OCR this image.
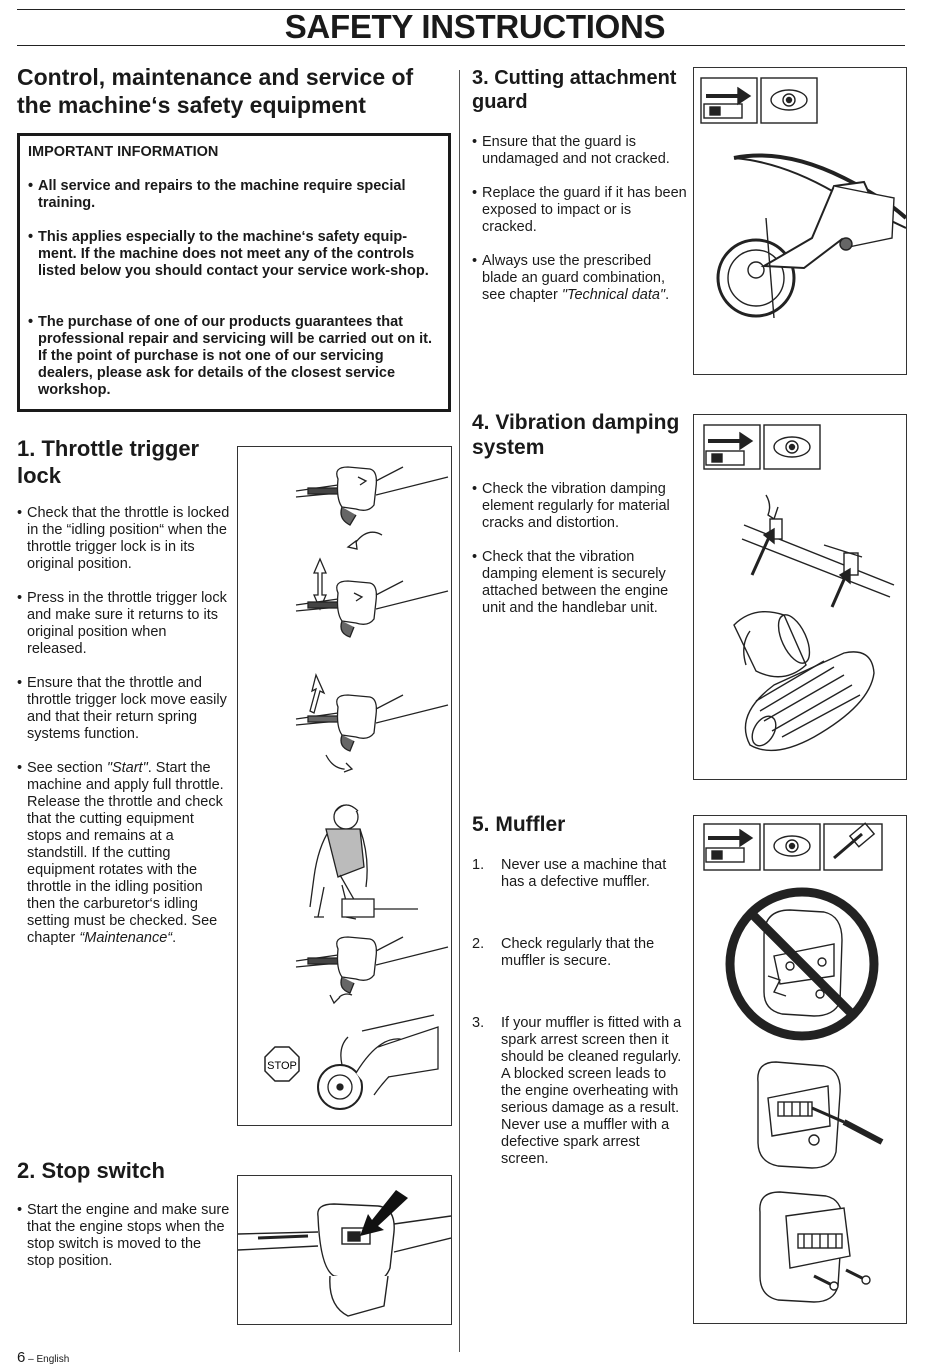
SAFETY INSTRUCTIONS
Control, maintenance and service of the machine‘s safety equipment
IMPORTANT INFORMATION
• All service and repairs to the machine require special training.
• This applies especially to the machine‘s safety equip-ment. If the machine does not meet any of the controls listed below you should contact your service work-shop.
• The purchase of one of our products guarantees that professional repair and servicing will be carried out on it. If the point of purchase is not one of our servicing dealers, please ask for details of the closest service workshop.
1. Throttle trigger lock

• Check that the throttle is locked in the “idling position“ when the throttle trigger lock is in its original position.

• Press in the throttle trigger lock and make sure it returns to its original position when released.

• Ensure that the throttle and throttle trigger lock move easily and that their return spring systems function.

• See section "Start". Start the machine and apply full throttle. Release the throttle and check that the cutting equipment stops and remains at a standstill. If the cutting equipment rotates with the throttle in the idling position then the carburetor‘s idling setting must be checked. See chapter “Maintenance“.

STOP
2. Stop switch

• Start the engine and make sure that the engine stops when the stop switch is moved to the stop position.

3. Cutting attachment guard

• Ensure that the guard is undamaged and not cracked.

• Replace the guard if it has been exposed to impact or is cracked.

• Always use the prescribed blade an guard combination, see chapter "Technical data".

4. Vibration damping system

• Check the vibration damping element regularly for material cracks and distortion.

• Check that the vibration damping element is securely attached between the engine unit and the handlebar unit.

5. Muffler

1. Never use a machine that has a defective muffler.

2. Check regularly that the muffler is secure.

3. If your muffler is fitted with a spark arrest screen then it should be cleaned regularly. A blocked screen leads to the engine overheating with serious damage as a result. Never use a muffler with a defective spark arrest screen.

6 – English
